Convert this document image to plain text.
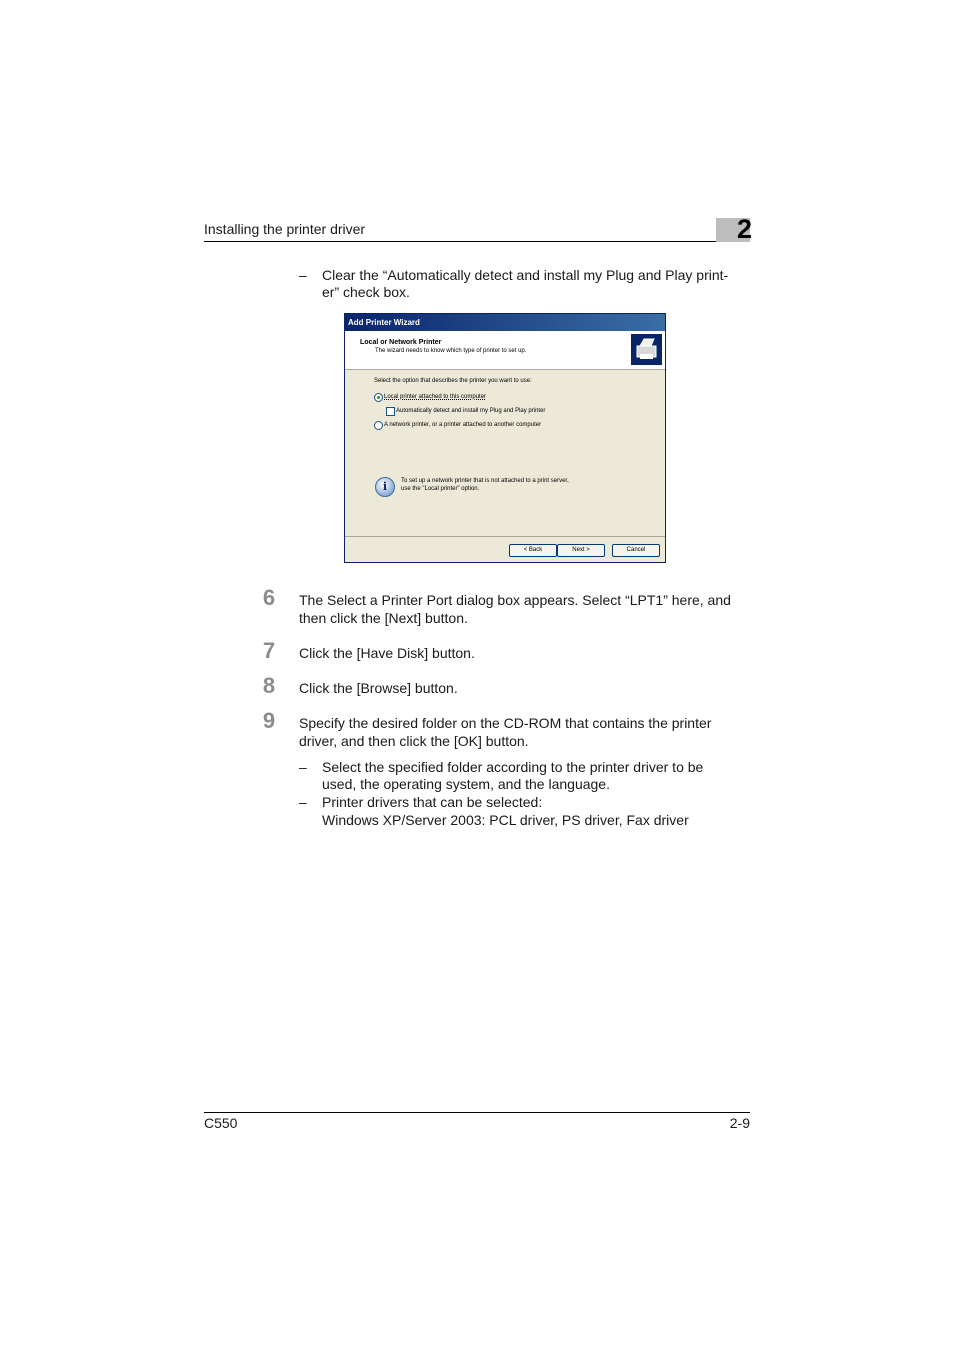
Installing the printer driver	2
– Clear the “Automatically detect and install my Plug and Play print-
er” check box.
Add Printer Wizard
Local or Network Printer
The wizard needs to know which type of printer to set up.
Select the option that describes the printer you want to use:
Local printer attached to this computer
Automatically detect and install my Plug and Play printer
A network printer, or a printer attached to another computer
i	To set up a network printer that is not attached to a print server,
use the "Local printer" option.
< Back	Next >	Cancel
6	The Select a Printer Port dialog box appears. Select “LPT1” here, and
then click the [Next] button.
7	Click the [Have Disk] button.
8	Click the [Browse] button.
9	Specify the desired folder on the CD-ROM that contains the printer
driver, and then click the [OK] button.
– Select the specified folder according to the printer driver to be
used, the operating system, and the language.
– Printer drivers that can be selected:
Windows XP/Server 2003: PCL driver, PS driver, Fax driver
C550	2-9
